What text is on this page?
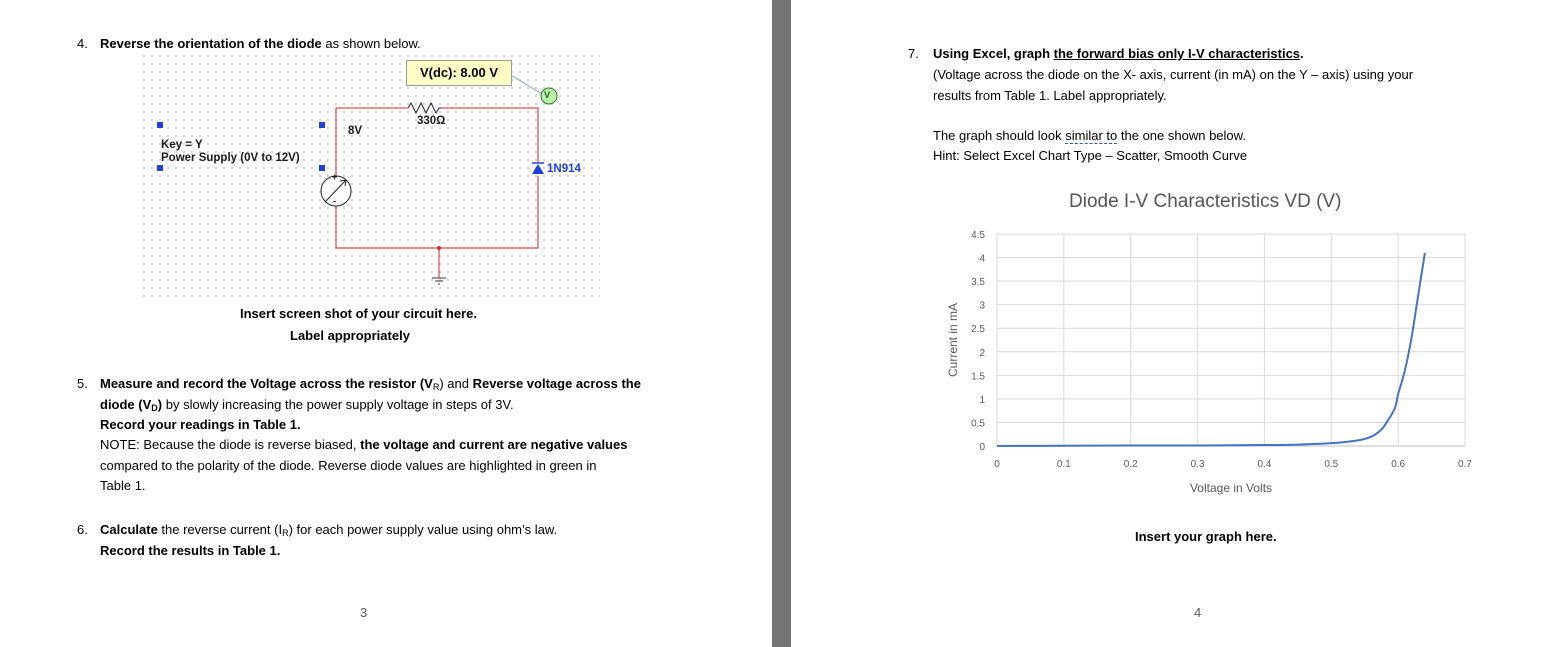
4. Reverse the orientation of the diode as shown below.
V(dc): 8.00 V
V
330Ω
8V
Key = Y
Power Supply (0V to 12V)
1N914
+
-
Insert screen shot of your circuit here.
Label appropriately
5. Measure and record the Voltage across the resistor $(V_R)$ and Reverse voltage across the
diode $(V_D)$ by slowly increasing the power supply voltage in steps of 3V.
Record your readings in Table 1.
NOTE: Because the diode is reverse biased, the voltage and current are negative values
compared to the polarity of the diode. Reverse diode values are highlighted in green in
Table 1.
6. Calculate the reverse current $(I_R)$ for each power supply value using ohm’s law.
Record the results in Table 1.
3
7. Using Excel, graph the forward bias only I-V characteristics.
(Voltage across the diode on the X- axis, current (in mA) on the Y – axis) using your
results from Table 1. Label appropriately.
The graph should look similar to the one shown below.
Hint: Select Excel Chart Type – Scatter, Smooth Curve
Diode I-V Characteristics VD (V)
0
0.5
1
1.5
2
2.5
3
3.5
4
4.5
0	0.1	0.2	0.3	0.4	0.5	0.6	0.7
Voltage in Volts
Current in mA
Insert your graph here.
4
